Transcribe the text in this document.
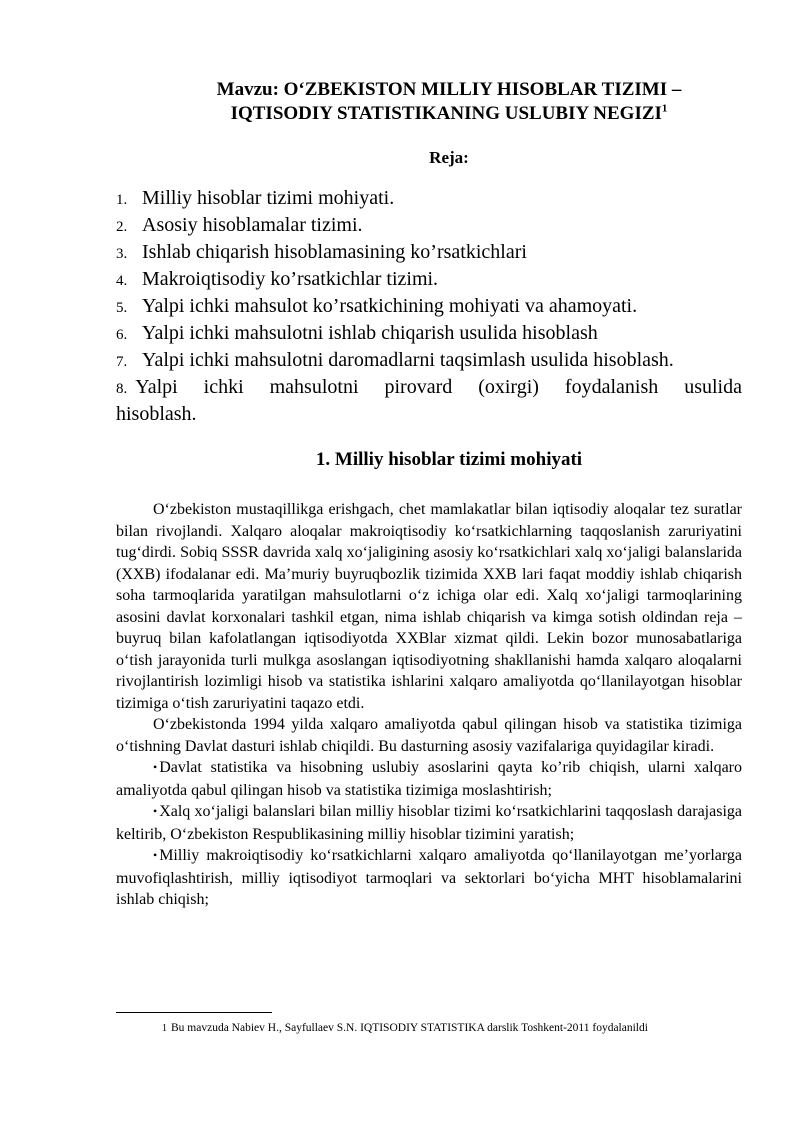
Mavzu: O‘ZBEKISTON MILLIY HISOBLAR TIZIMI –
IQTISODIY STATISTIKANING USLUBIY NEGIZI$^1$
Reja:
1. Milliy hisoblar tizimi mohiyati.
2. Asosiy hisoblamalar tizimi.
3. Ishlab chiqarish hisoblamasining ko’rsatkichlari
4. Makroiqtisodiy ko’rsatkichlar tizimi.
5. Yalpi ichki mahsulot ko’rsatkichining mohiyati va ahamoyati.
6. Yalpi ichki mahsulotni ishlab chiqarish usulida hisoblash
7. Yalpi ichki mahsulotni daromadlarni taqsimlash usulida hisoblash.
8. Yalpi ichki mahsulotni pirovard (oxirgi) foydalanish usulida
hisoblash.
1. Milliy hisoblar tizimi mohiyati

O‘zbekiston mustaqillikga erishgach, chet mamlakatlar bilan iqtisodiy aloqalar tez suratlar bilan rivojlandi. Xalqaro aloqalar makroiqtisodiy ko‘rsatkichlarning taqqoslanish zaruriyatini tug‘dirdi. Sobiq SSSR davrida xalq xo‘jaligining asosiy ko‘rsatkichlari xalq xo‘jaligi balanslarida (XXB) ifodalanar edi. Ma’muriy buyruqbozlik tizimida XXB lari faqat moddiy ishlab chiqarish soha tarmoqlarida yaratilgan mahsulotlarni o‘z ichiga olar edi. Xalq xo‘jaligi tarmoqlarining asosini davlat korxonalari tashkil etgan, nima ishlab chiqarish va kimga sotish oldindan reja – buyruq bilan kafolatlangan iqtisodiyotda XXBlar xizmat qildi. Lekin bozor munosabatlariga o‘tish jarayonida turli mulkga asoslangan iqtisodiyotning shakllanishi hamda xalqaro aloqalarni rivojlantirish lozimligi hisob va statistika ishlarini xalqaro amaliyotda qo‘llanilayotgan hisoblar tizimiga o‘tish zaruriyatini taqazo etdi.

O‘zbekistonda 1994 yilda xalqaro amaliyotda qabul qilingan hisob va statistika tizimiga o‘tishning Davlat dasturi ishlab chiqildi. Bu dasturning asosiy vazifalariga quyidagilar kiradi.

• Davlat statistika va hisobning uslubiy asoslarini qayta ko’rib chiqish, ularni xalqaro amaliyotda qabul qilingan hisob va statistika tizimiga moslashtirish;

• Xalq xo‘jaligi balanslari bilan milliy hisoblar tizimi ko‘rsatkichlarini taqqoslash darajasiga keltirib, O‘zbekiston Respublikasining milliy hisoblar tizimini yaratish;

• Milliy makroiqtisodiy ko‘rsatkichlarni xalqaro amaliyotda qo‘llanilayotgan me’yorlarga muvofiqlashtirish, milliy iqtisodiyot tarmoqlari va sektorlari bo‘yicha MHT hisoblamalarini ishlab chiqish;

1 Bu mavzuda Nabiev H., Sayfullaev S.N. IQTISODIY STATISTIKA darslik Toshkent-2011 foydalanildi
